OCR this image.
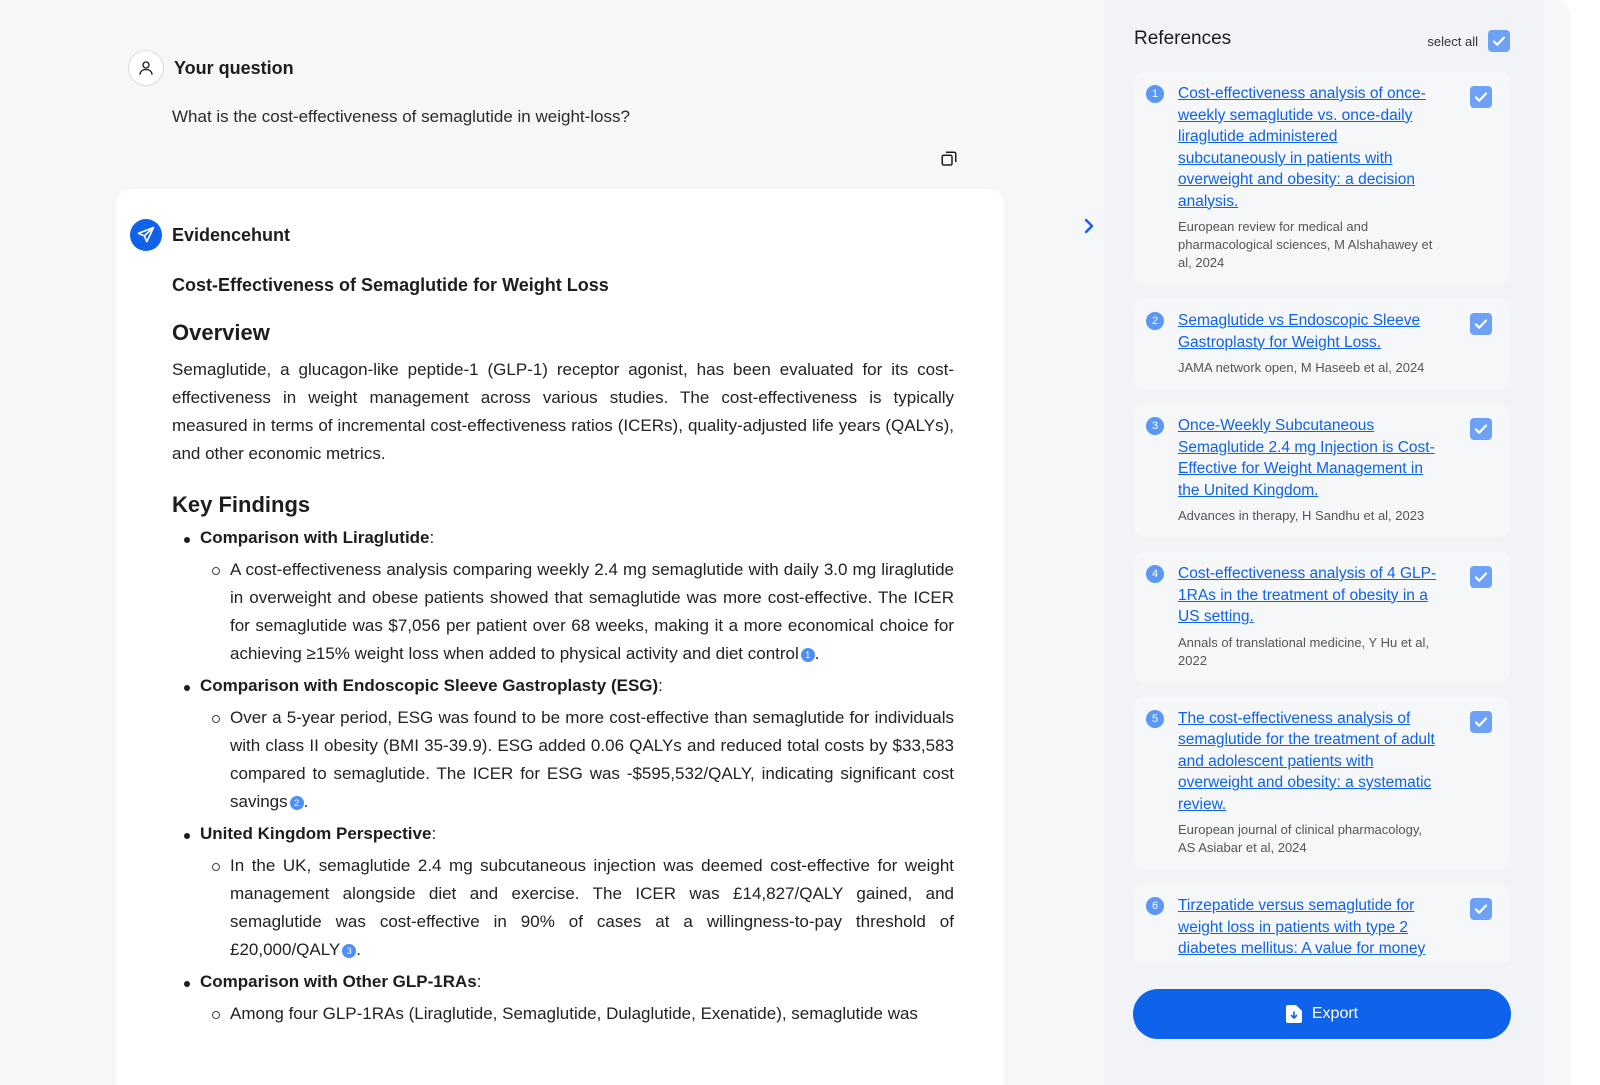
Your question
What is the cost-effectiveness of semaglutide in weight-loss?
Evidencehunt
Cost-Effectiveness of Semaglutide for Weight Loss
Overview
Semaglutide, a glucagon-like peptide-1 (GLP-1) receptor agonist, has been evaluated for its cost-effectiveness in weight management across various studies. The cost-effectiveness is typically measured in terms of incremental cost-effectiveness ratios (ICERs), quality-adjusted life years (QALYs), and other economic metrics.
Key Findings
Comparison with Liraglutide:
A cost-effectiveness analysis comparing weekly 2.4 mg semaglutide with daily 3.0 mg liraglutide in overweight and obese patients showed that semaglutide was more cost-effective. The ICER for semaglutide was $7,056 per patient over 68 weeks, making it a more economical choice for achieving ≥15% weight loss when added to physical activity and diet control 1 .
Comparison with Endoscopic Sleeve Gastroplasty (ESG):
Over a 5-year period, ESG was found to be more cost-effective than semaglutide for individuals with class II obesity (BMI 35-39.9). ESG added 0.06 QALYs and reduced total costs by $33,583 compared to semaglutide. The ICER for ESG was -$595,532/QALY, indicating significant cost savings 2 .
United Kingdom Perspective:
In the UK, semaglutide 2.4 mg subcutaneous injection was deemed cost-effective for weight management alongside diet and exercise. The ICER was £14,827/QALY gained, and semaglutide was cost-effective in 90% of cases at a willingness-to-pay threshold of £20,000/QALY 3 .
Comparison with Other GLP-1RAs:
Among four GLP-1RAs (Liraglutide, Semaglutide, Dulaglutide, Exenatide), semaglutide was
References	select all
1	Cost-effectiveness analysis of once-weekly semaglutide vs. once-daily liraglutide administered subcutaneously in patients with overweight and obesity: a decision analysis.
European review for medical and pharmacological sciences, M Alshahawey et al, 2024
2	Semaglutide vs Endoscopic Sleeve Gastroplasty for Weight Loss.
JAMA network open, M Haseeb et al, 2024
3	Once-Weekly Subcutaneous Semaglutide 2.4 mg Injection is Cost-Effective for Weight Management in the United Kingdom.
Advances in therapy, H Sandhu et al, 2023
4	Cost-effectiveness analysis of 4 GLP-1RAs in the treatment of obesity in a US setting.
Annals of translational medicine, Y Hu et al, 2022
5	The cost-effectiveness analysis of semaglutide for the treatment of adult and adolescent patients with overweight and obesity: a systematic review.
European journal of clinical pharmacology, AS Asiabar et al, 2024
6	Tirzepatide versus semaglutide for weight loss in patients with type 2 diabetes mellitus: A value for money
Export
